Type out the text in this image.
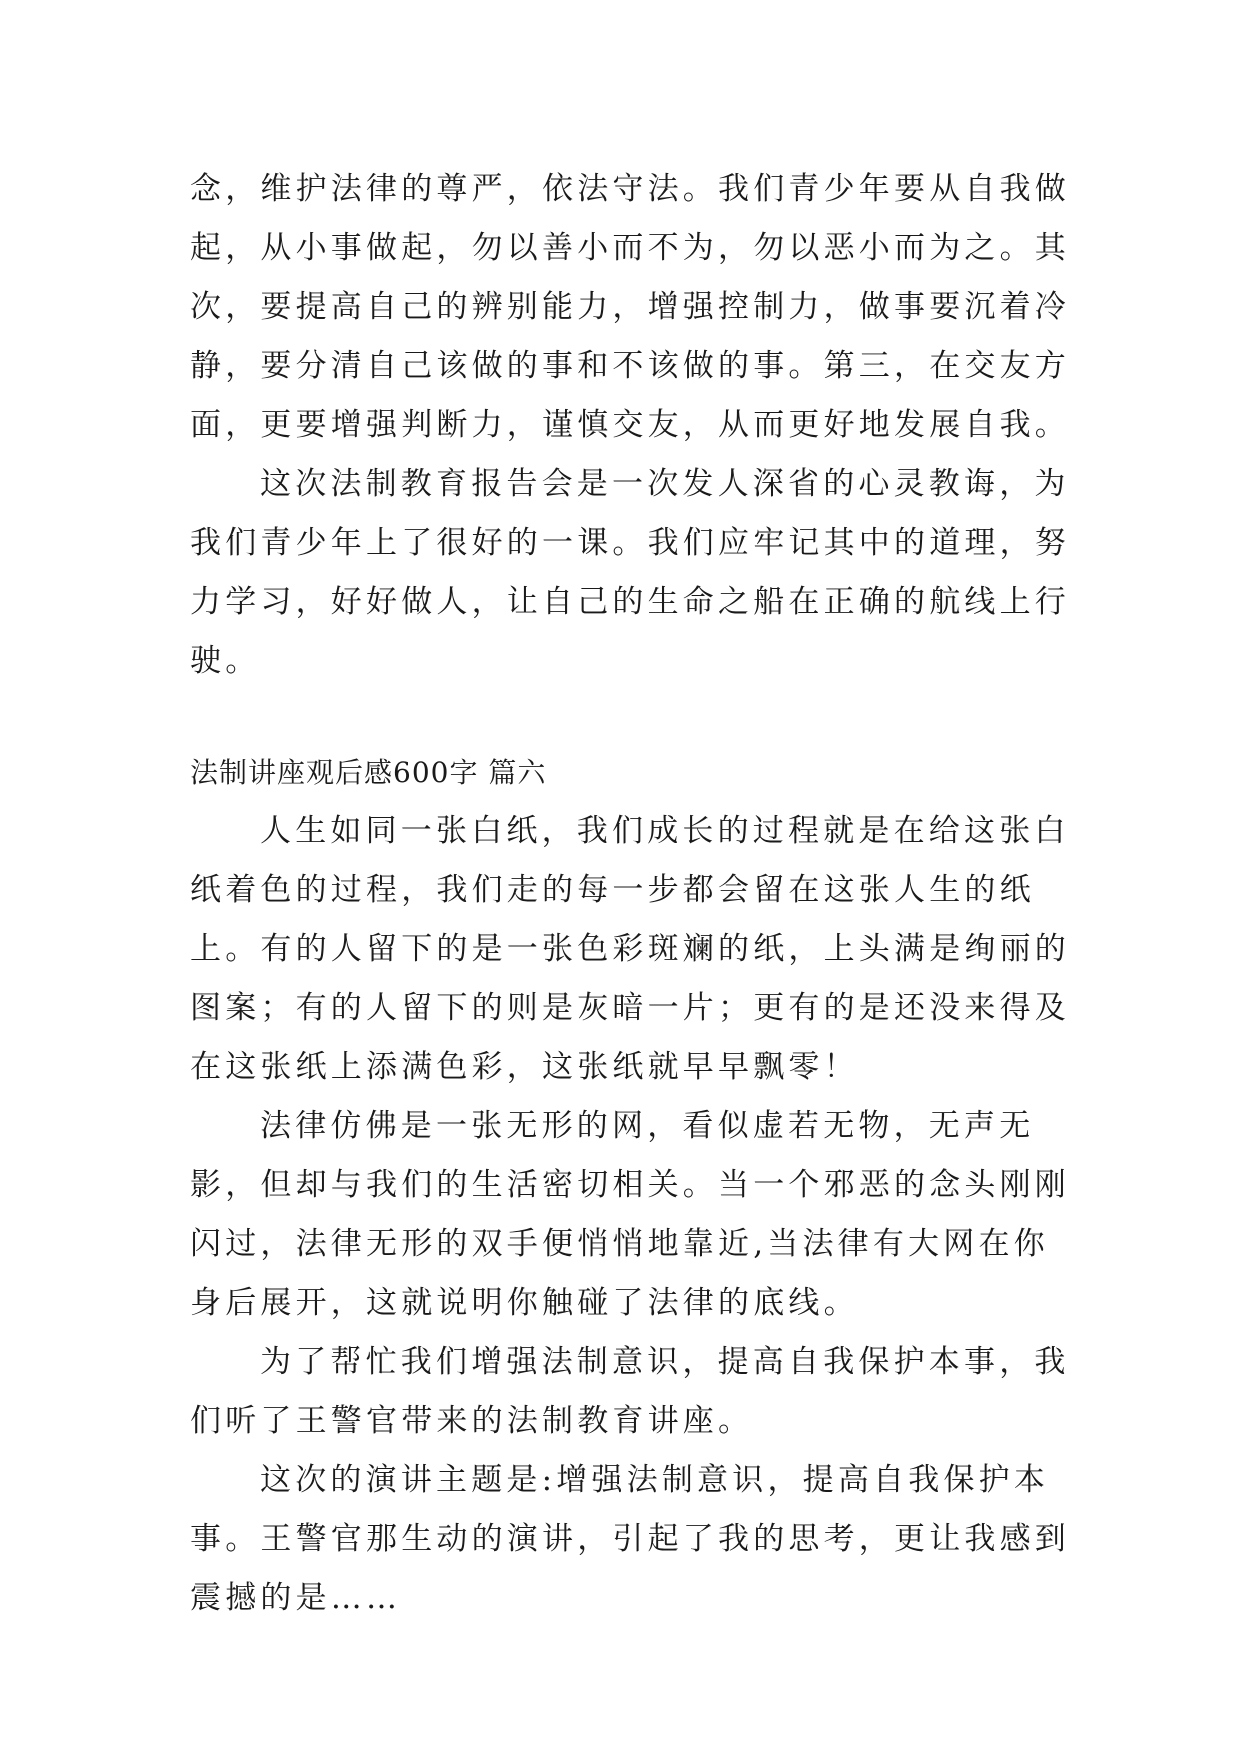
念，维护法律的尊严，依法守法。我们青少年要从自我做起，从小事做起，勿以善小而不为，勿以恶小而为之。其次，要提高自己的辨别能力，增强控制力，做事要沉着冷静，要分清自己该做的事和不该做的事。第三，在交友方面，更要增强判断力，谨慎交友，从而更好地发展自我。

这次法制教育报告会是一次发人深省的心灵教诲，为我们青少年上了很好的一课。我们应牢记其中的道理，努力学习，好好做人，让自己的生命之船在正确的航线上行驶。

法制讲座观后感600字 篇六

人生如同一张白纸，我们成长的过程就是在给这张白纸着色的过程，我们走的每一步都会留在这张人生的纸上。有的人留下的是一张色彩斑斓的纸，上头满是绚丽的图案；有的人留下的则是灰暗一片；更有的是还没来得及在这张纸上添满色彩，这张纸就早早飘零！

法律仿佛是一张无形的网，看似虚若无物，无声无影，但却与我们的生活密切相关。当一个邪恶的念头刚刚闪过，法律无形的双手便悄悄地靠近,当法律有大网在你身后展开，这就说明你触碰了法律的底线。

为了帮忙我们增强法制意识，提高自我保护本事，我们听了王警官带来的法制教育讲座。

这次的演讲主题是:增强法制意识，提高自我保护本事。王警官那生动的演讲，引起了我的思考，更让我感到震撼的是……
